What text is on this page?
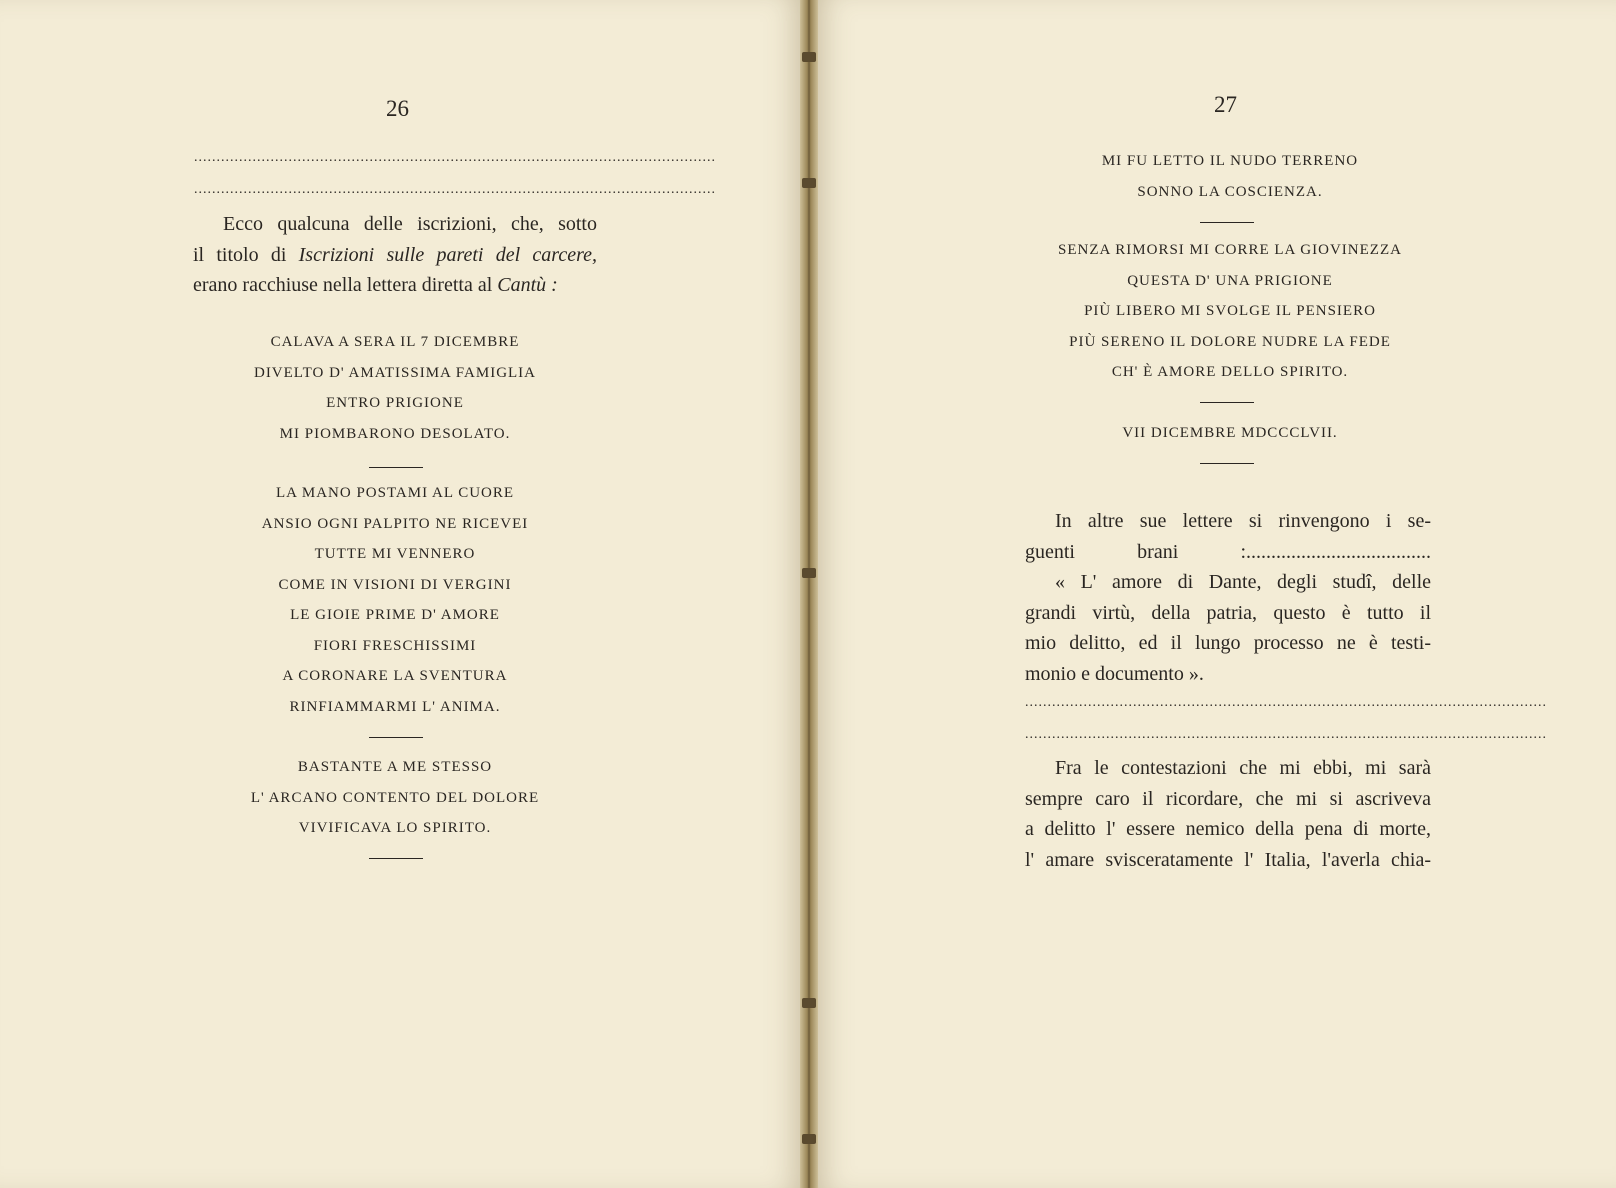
26
....................................................................................................................
....................................................................................................................
Ecco qualcuna delle iscrizioni, che, sotto
il titolo di Iscrizioni sulle pareti del carcere,
erano racchiuse nella lettera diretta al Cantù :
CALAVA A SERA IL 7 DICEMBRE
DIVELTO D' AMATISSIMA FAMIGLIA
ENTRO PRIGIONE
MI PIOMBARONO DESOLATO.
LA MANO POSTAMI AL CUORE
ANSIO OGNI PALPITO NE RICEVEI
TUTTE MI VENNERO
COME IN VISIONI DI VERGINI
LE GIOIE PRIME D' AMORE
FIORI FRESCHISSIMI
A CORONARE LA SVENTURA
RINFIAMMARMI L' ANIMA.
BASTANTE A ME STESSO
L' ARCANO CONTENTO DEL DOLORE
VIVIFICAVA LO SPIRITO.
27
MI FU LETTO IL NUDO TERRENO
SONNO LA COSCIENZA.
SENZA RIMORSI MI CORRE LA GIOVINEZZA
QUESTA D' UNA PRIGIONE
PIÙ LIBERO MI SVOLGE IL PENSIERO
PIÙ SERENO IL DOLORE NUDRE LA FEDE
CH' È AMORE DELLO SPIRITO.
VII DICEMBRE MDCCCLVII.
In altre sue lettere si rinvengono i se-
guenti brani :.....................................
« L' amore di Dante, degli studî, delle
grandi virtù, della patria, questo è tutto il
mio delitto, ed il lungo processo ne è testi-
monio e documento ».
....................................................................................................................
....................................................................................................................
Fra le contestazioni che mi ebbi, mi sarà
sempre caro il ricordare, che mi si ascriveva
a delitto l' essere nemico della pena di morte,
l' amare svisceratamente l' Italia, l'averla chia-
